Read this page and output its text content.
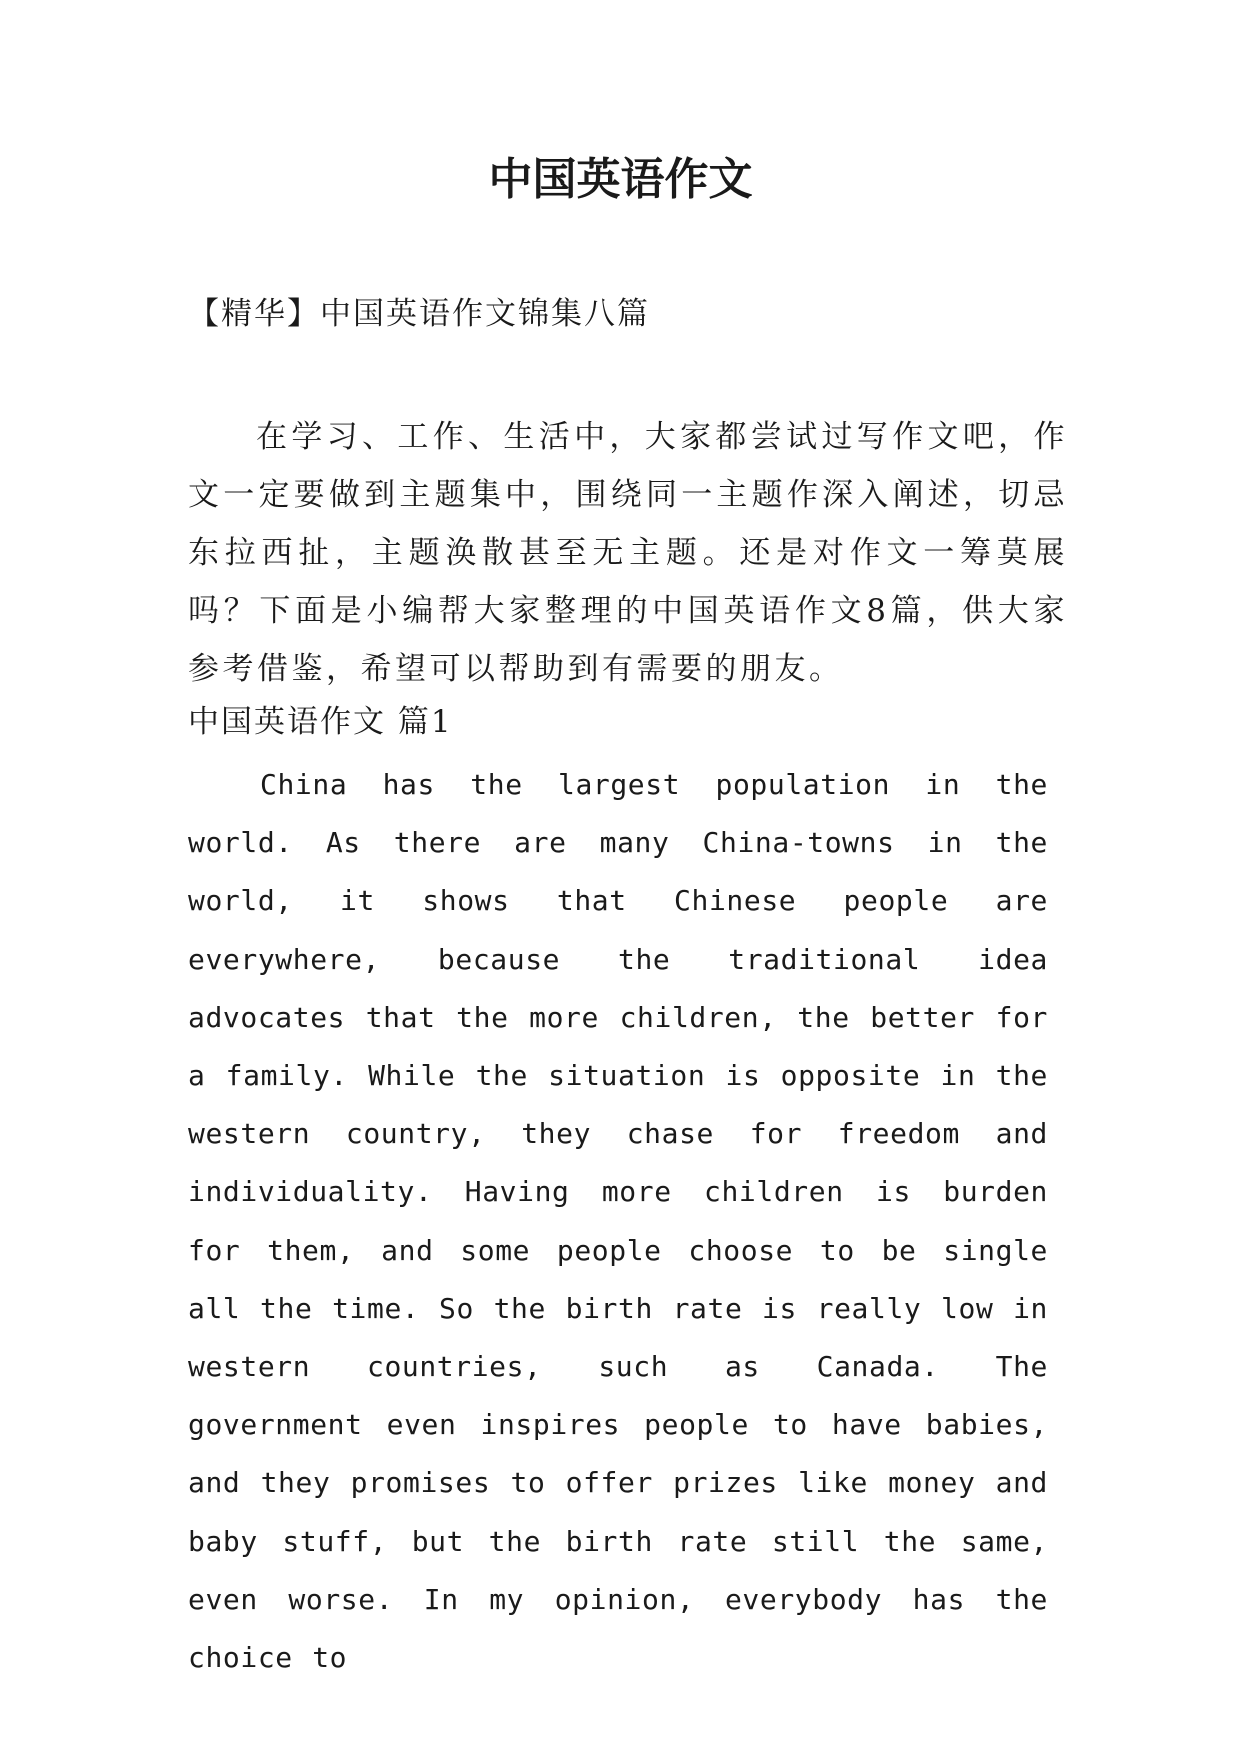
中国英语作文

【精华】中国英语作文锦集八篇

在学习、工作、生活中，大家都尝试过写作文吧，作文一定要做到主题集中，围绕同一主题作深入阐述，切忌东拉西扯，主题涣散甚至无主题。还是对作文一筹莫展吗？下面是小编帮大家整理的中国英语作文8篇，供大家参考借鉴，希望可以帮助到有需要的朋友。

中国英语作文 篇1

China has the largest population in the world. As there are many China-towns in the world, it shows that Chinese people are everywhere, because the traditional idea advocates that the more children, the better for a family. While the situation is opposite in the western country, they chase for freedom and individuality. Having more children is burden for them, and some people choose to be single all the time. So the birth rate is really low in western countries, such as Canada. The government even inspires people to have babies, and they promises to offer prizes like money and baby stuff, but the birth rate still the same, even worse. In my opinion, everybody has the choice to
